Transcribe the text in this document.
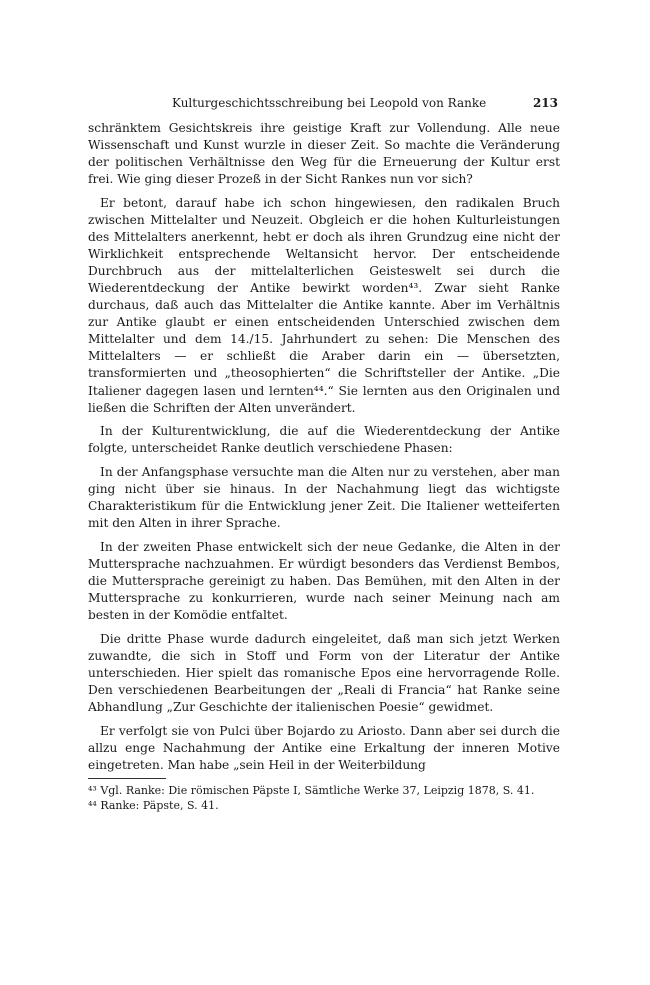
Kulturgeschichtsschreibung bei Leopold von Ranke	213

schränktem Gesichtskreis ihre geistige Kraft zur Vollendung. Alle neue Wissenschaft und Kunst wurzle in dieser Zeit. So machte die Veränderung der politischen Verhältnisse den Weg für die Erneuerung der Kultur erst frei. Wie ging dieser Prozeß in der Sicht Rankes nun vor sich?

Er betont, darauf habe ich schon hingewiesen, den radikalen Bruch zwischen Mittelalter und Neuzeit. Obgleich er die hohen Kulturleistungen des Mittelalters anerkennt, hebt er doch als ihren Grundzug eine nicht der Wirklichkeit entsprechende Weltansicht hervor. Der entscheidende Durchbruch aus der mittelalterlichen Geisteswelt sei durch die Wiederentdeckung der Antike bewirkt worden⁴³. Zwar sieht Ranke durchaus, daß auch das Mittelalter die Antike kannte. Aber im Verhältnis zur Antike glaubt er einen entscheidenden Unterschied zwischen dem Mittelalter und dem 14./15. Jahrhundert zu sehen: Die Menschen des Mittelalters — er schließt die Araber darin ein — übersetzten, transformierten und „theosophierten“ die Schriftsteller der Antike. „Die Italiener dagegen lasen und lernten⁴⁴.“ Sie lernten aus den Originalen und ließen die Schriften der Alten unverändert.

In der Kulturentwicklung, die auf die Wiederentdeckung der Antike folgte, unterscheidet Ranke deutlich verschiedene Phasen:

In der Anfangsphase versuchte man die Alten nur zu verstehen, aber man ging nicht über sie hinaus. In der Nachahmung liegt das wichtigste Charakteristikum für die Entwicklung jener Zeit. Die Italiener wetteiferten mit den Alten in ihrer Sprache.

In der zweiten Phase entwickelt sich der neue Gedanke, die Alten in der Muttersprache nachzuahmen. Er würdigt besonders das Verdienst Bembos, die Muttersprache gereinigt zu haben. Das Bemühen, mit den Alten in der Muttersprache zu konkurrieren, wurde nach seiner Meinung nach am besten in der Komödie entfaltet.

Die dritte Phase wurde dadurch eingeleitet, daß man sich jetzt Werken zuwandte, die sich in Stoff und Form von der Literatur der Antike unterschieden. Hier spielt das romanische Epos eine hervorragende Rolle. Den verschiedenen Bearbeitungen der „Reali di Francia“ hat Ranke seine Abhandlung „Zur Geschichte der italienischen Poesie“ gewidmet.

Er verfolgt sie von Pulci über Bojardo zu Ariosto. Dann aber sei durch die allzu enge Nachahmung der Antike eine Erkaltung der inneren Motive eingetreten. Man habe „sein Heil in der Weiterbildung

⁴³ Vgl. Ranke: Die römischen Päpste I, Sämtliche Werke 37, Leipzig 1878, S. 41.

⁴⁴ Ranke: Päpste, S. 41.
